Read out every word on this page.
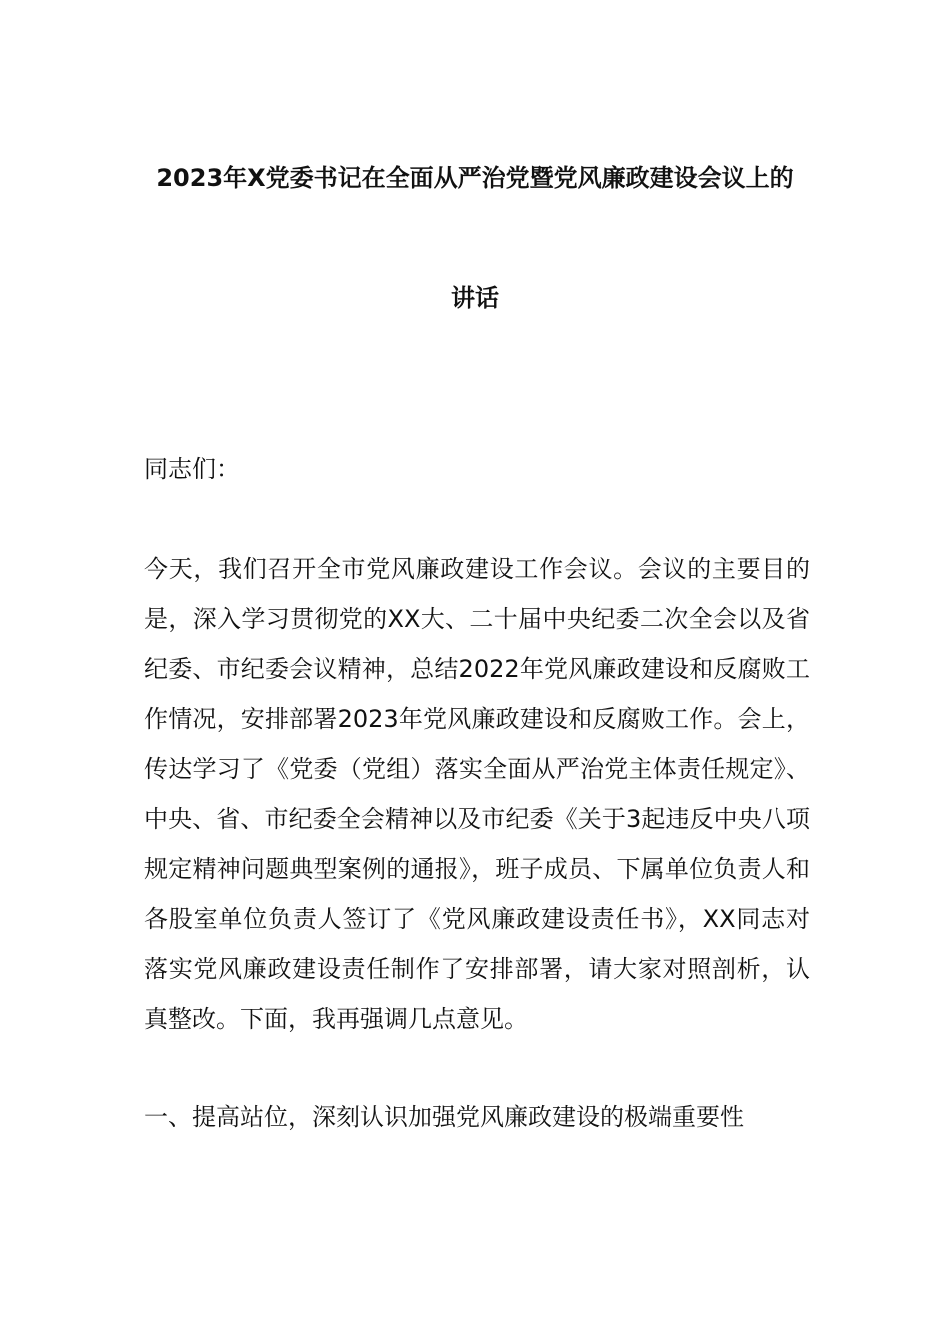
2023年X党委书记在全面从严治党暨党风廉政建设会议上的
讲话
同志们：
今天，我们召开全市党风廉政建设工作会议。会议的主要目的是，深入学习贯彻党的XX大、二十届中央纪委二次全会以及省纪委、市纪委会议精神，总结2022年党风廉政建设和反腐败工作情况，安排部署2023年党风廉政建设和反腐败工作。会上，传达学习了《党委（党组）落实全面从严治党主体责任规定》、中央、省、市纪委全会精神以及市纪委《关于3起违反中央八项规定精神问题典型案例的通报》，班子成员、下属单位负责人和各股室单位负责人签订了《党风廉政建设责任书》，XX同志对落实党风廉政建设责任制作了安排部署，请大家对照剖析，认真整改。下面，我再强调几点意见。
一、提高站位，深刻认识加强党风廉政建设的极端重要性
